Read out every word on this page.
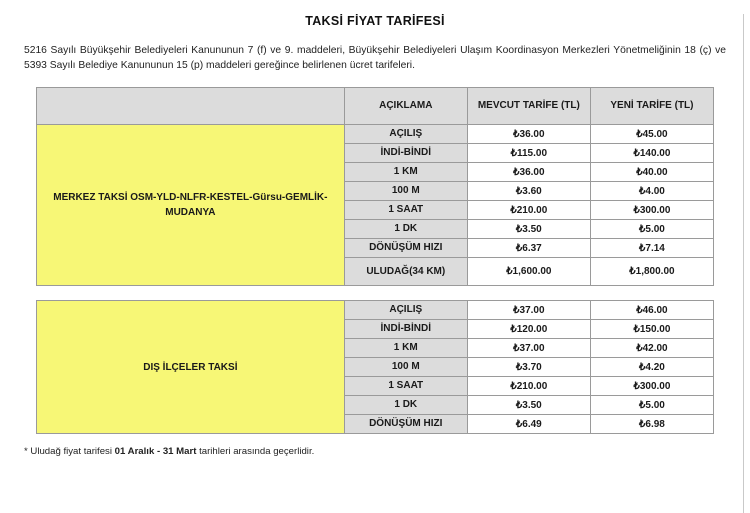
TAKSİ FİYAT TARİFESİ

5216 Sayılı Büyükşehir Belediyeleri Kanununun 7 (f) ve 9. maddeleri, Büyükşehir Belediyeleri Ulaşım Koordinasyon Merkezleri Yönetmeliğinin 18 (ç) ve 5393 Sayılı Belediye Kanununun 15 (p) maddeleri gereğince belirlenen ücret tarifeleri.

	AÇIKLAMA	MEVCUT TARİFE (TL)	YENİ TARİFE (TL)
MERKEZ TAKSİ OSM-YLD-NLFR-KESTEL-Gürsu-GEMLİK-MUDANYA	AÇILIŞ	₺36.00	₺45.00
	İNDİ-BİNDİ	₺115.00	₺140.00
	1 KM	₺36.00	₺40.00
	100 M	₺3.60	₺4.00
	1 SAAT	₺210.00	₺300.00
	1 DK	₺3.50	₺5.00
	DÖNÜŞÜM HIZI	₺6.37	₺7.14
	ULUDAĞ(34 KM)	₺1,600.00	₺1,800.00
DIŞ İLÇELER TAKSİ	AÇILIŞ	₺37.00	₺46.00
	İNDİ-BİNDİ	₺120.00	₺150.00
	1 KM	₺37.00	₺42.00
	100 M	₺3.70	₺4.20
	1 SAAT	₺210.00	₺300.00
	1 DK	₺3.50	₺5.00
	DÖNÜŞÜM HIZI	₺6.49	₺6.98

* Uludağ fiyat tarifesi 01 Aralık - 31 Mart tarihleri arasında geçerlidir.
